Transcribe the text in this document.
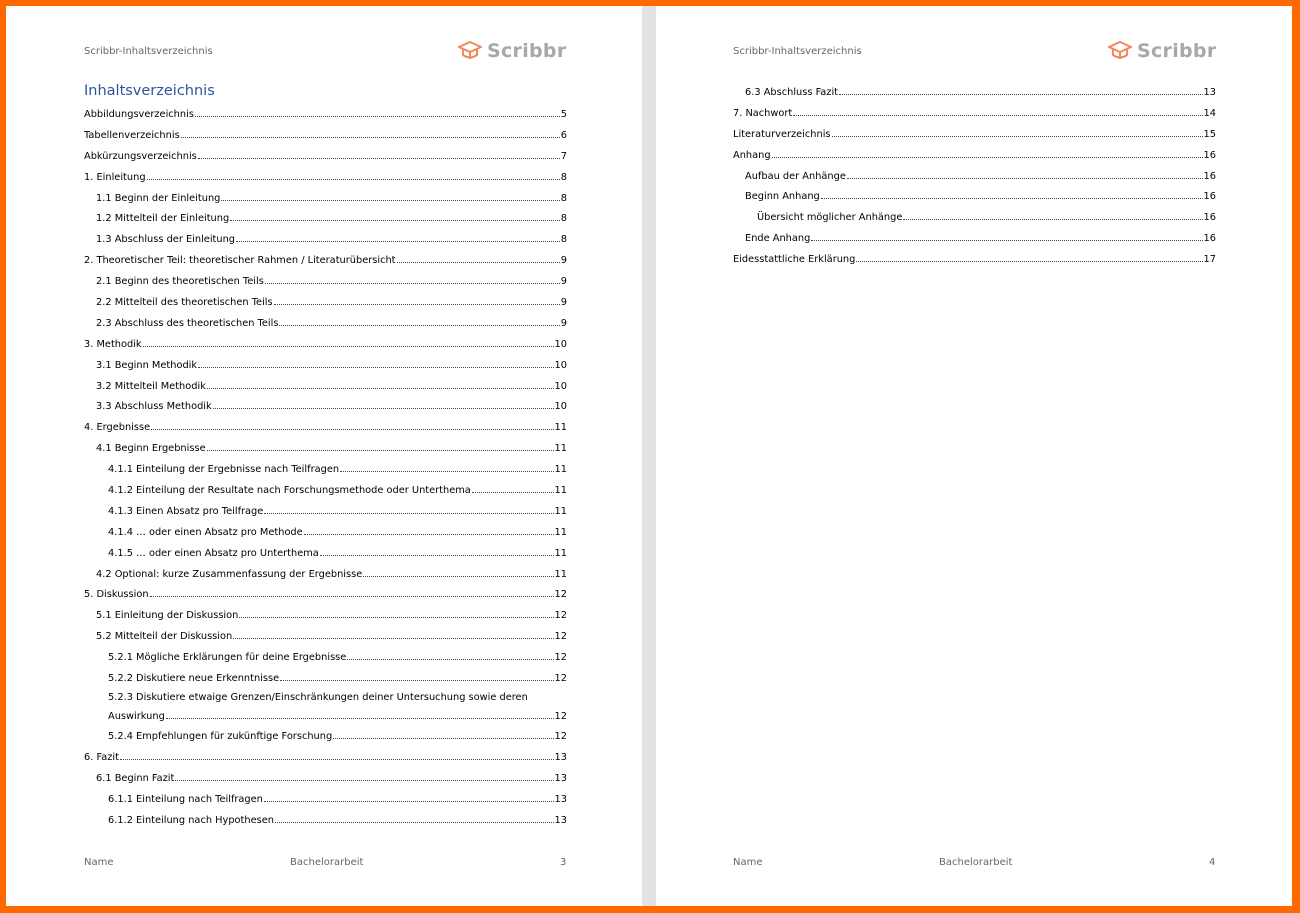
Scribbr-Inhaltsverzeichnis	Scribbr
Inhaltsverzeichnis
Abbildungsverzeichnis	5
Tabellenverzeichnis	6
Abkürzungsverzeichnis	7
1. Einleitung	8
1.1 Beginn der Einleitung	8
1.2 Mittelteil der Einleitung	8
1.3 Abschluss der Einleitung	8
2. Theoretischer Teil: theoretischer Rahmen / Literaturübersicht	9
2.1 Beginn des theoretischen Teils	9
2.2 Mittelteil des theoretischen Teils	9
2.3 Abschluss des theoretischen Teils	9
3. Methodik	10
3.1 Beginn Methodik	10
3.2 Mittelteil Methodik	10
3.3 Abschluss Methodik	10
4. Ergebnisse	11
4.1 Beginn Ergebnisse	11
4.1.1 Einteilung der Ergebnisse nach Teilfragen	11
4.1.2 Einteilung der Resultate nach Forschungsmethode oder Unterthema	11
4.1.3 Einen Absatz pro Teilfrage	11
4.1.4 … oder einen Absatz pro Methode	11
4.1.5 … oder einen Absatz pro Unterthema	11
4.2 Optional: kurze Zusammenfassung der Ergebnisse	11
5. Diskussion	12
5.1 Einleitung der Diskussion	12
5.2 Mittelteil der Diskussion	12
5.2.1 Mögliche Erklärungen für deine Ergebnisse	12
5.2.2 Diskutiere neue Erkenntnisse	12
5.2.3 Diskutiere etwaige Grenzen/Einschränkungen deiner Untersuchung sowie deren
Auswirkung	12
5.2.4 Empfehlungen für zukünftige Forschung	12
6. Fazit	13
6.1 Beginn Fazit	13
6.1.1 Einteilung nach Teilfragen	13
6.1.2 Einteilung nach Hypothesen	13
Name	Bachelorarbeit	3
Scribbr-Inhaltsverzeichnis	Scribbr
6.3 Abschluss Fazit	13
7. Nachwort	14
Literaturverzeichnis	15
Anhang	16
Aufbau der Anhänge	16
Beginn Anhang	16
Übersicht möglicher Anhänge	16
Ende Anhang	16
Eidesstattliche Erklärung	17
Name	Bachelorarbeit	4
